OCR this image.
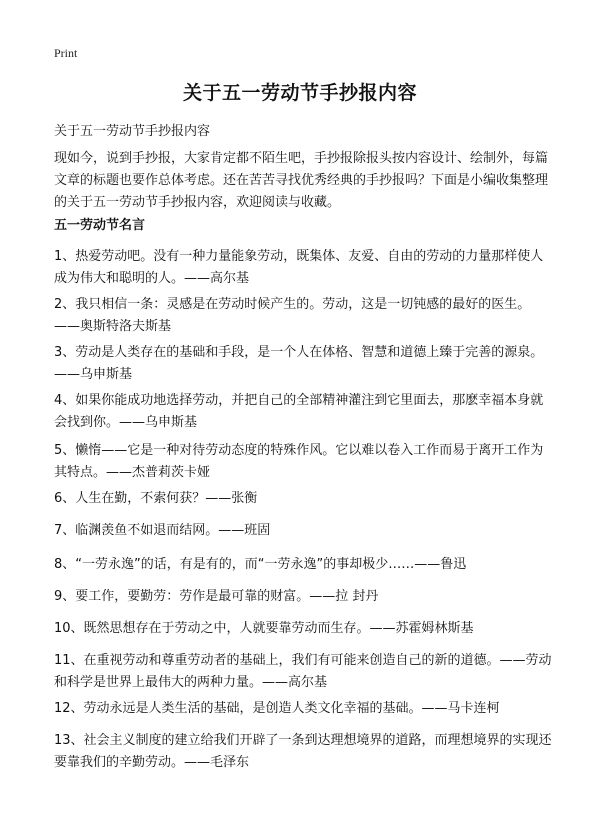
Print
关于五一劳动节手抄报内容
关于五一劳动节手抄报内容
现如今，说到手抄报，大家肯定都不陌生吧，手抄报除报头按内容设计、绘制外，每篇文章的标题也要作总体考虑。还在苦苦寻找优秀经典的手抄报吗？下面是小编收集整理的关于五一劳动节手抄报内容，欢迎阅读与收藏。
五一劳动节名言
1、热爱劳动吧。没有一种力量能象劳动，既集体、友爱、自由的劳动的力量那样使人成为伟大和聪明的人。——高尔基
2、我只相信一条：灵感是在劳动时候产生的。劳动，这是一切钝感的最好的医生。——奥斯特洛夫斯基
3、劳动是人类存在的基础和手段，是一个人在体格、智慧和道德上臻于完善的源泉。——乌申斯基
4、如果你能成功地选择劳动，并把自己的全部精神灌注到它里面去，那麽幸福本身就会找到你。——乌申斯基
5、懒惰——它是一种对待劳动态度的特殊作风。它以难以卷入工作而易于离开工作为其特点。——杰普莉茨卡娅
6、人生在勤，不索何获？——张衡
7、临渊羡鱼不如退而结网。——班固
8、“一劳永逸”的话，有是有的，而“一劳永逸”的事却极少……——鲁迅
9、要工作，要勤劳：劳作是最可靠的财富。——拉 封丹
10、既然思想存在于劳动之中，人就要靠劳动而生存。——苏霍姆林斯基
11、在重视劳动和尊重劳动者的基础上，我们有可能来创造自己的新的道德。——劳动和科学是世界上最伟大的两种力量。——高尔基
12、劳动永远是人类生活的基础，是创造人类文化幸福的基础。——马卡连柯
13、社会主义制度的建立给我们开辟了一条到达理想境界的道路，而理想境界的实现还要靠我们的辛勤劳动。——毛泽东
